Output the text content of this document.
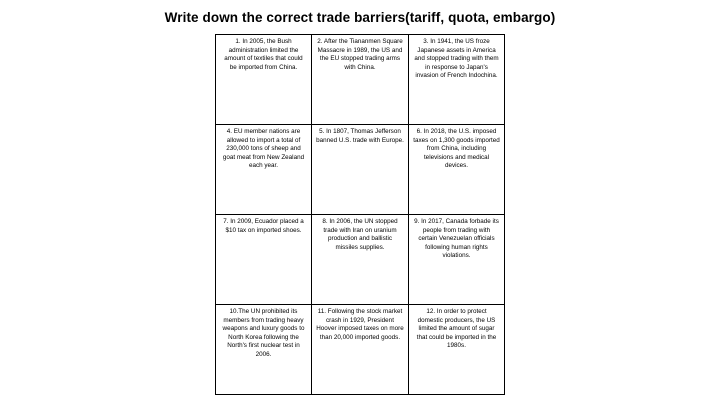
Write down the correct trade barriers(tariff, quota, embargo)
1. In 2005, the Bush administration limited the amount of textiles that could be imported from China.	2. After the Tiananmen Square Massacre in 1989, the US and the EU stopped trading arms with China.	3. In 1941, the US froze Japanese assets in America and stopped trading with them in response to Japan's invasion of French Indochina.
4. EU member nations are allowed to import a total of 230,000 tons of sheep and goat meat from New Zealand each year.	5. In 1807, Thomas Jefferson banned U.S. trade with Europe.	6. In 2018, the U.S. imposed taxes on 1,300 goods imported from China, including televisions and medical devices.
7. In 2009, Ecuador placed a $10 tax on imported shoes.	8. In 2006, the UN stopped trade with Iran on uranium production and ballistic missiles supplies.	9. In 2017, Canada forbade its people from trading with certain Venezuelan officials following human rights violations.
10.The UN prohibited its members from trading heavy weapons and luxury goods to North Korea following the North's first nuclear test in 2006.	11. Following the stock market crash in 1929, President Hoover imposed taxes on more than 20,000 imported goods.	12. In order to protect domestic producers, the US limited the amount of sugar that could be imported in the 1980s.
